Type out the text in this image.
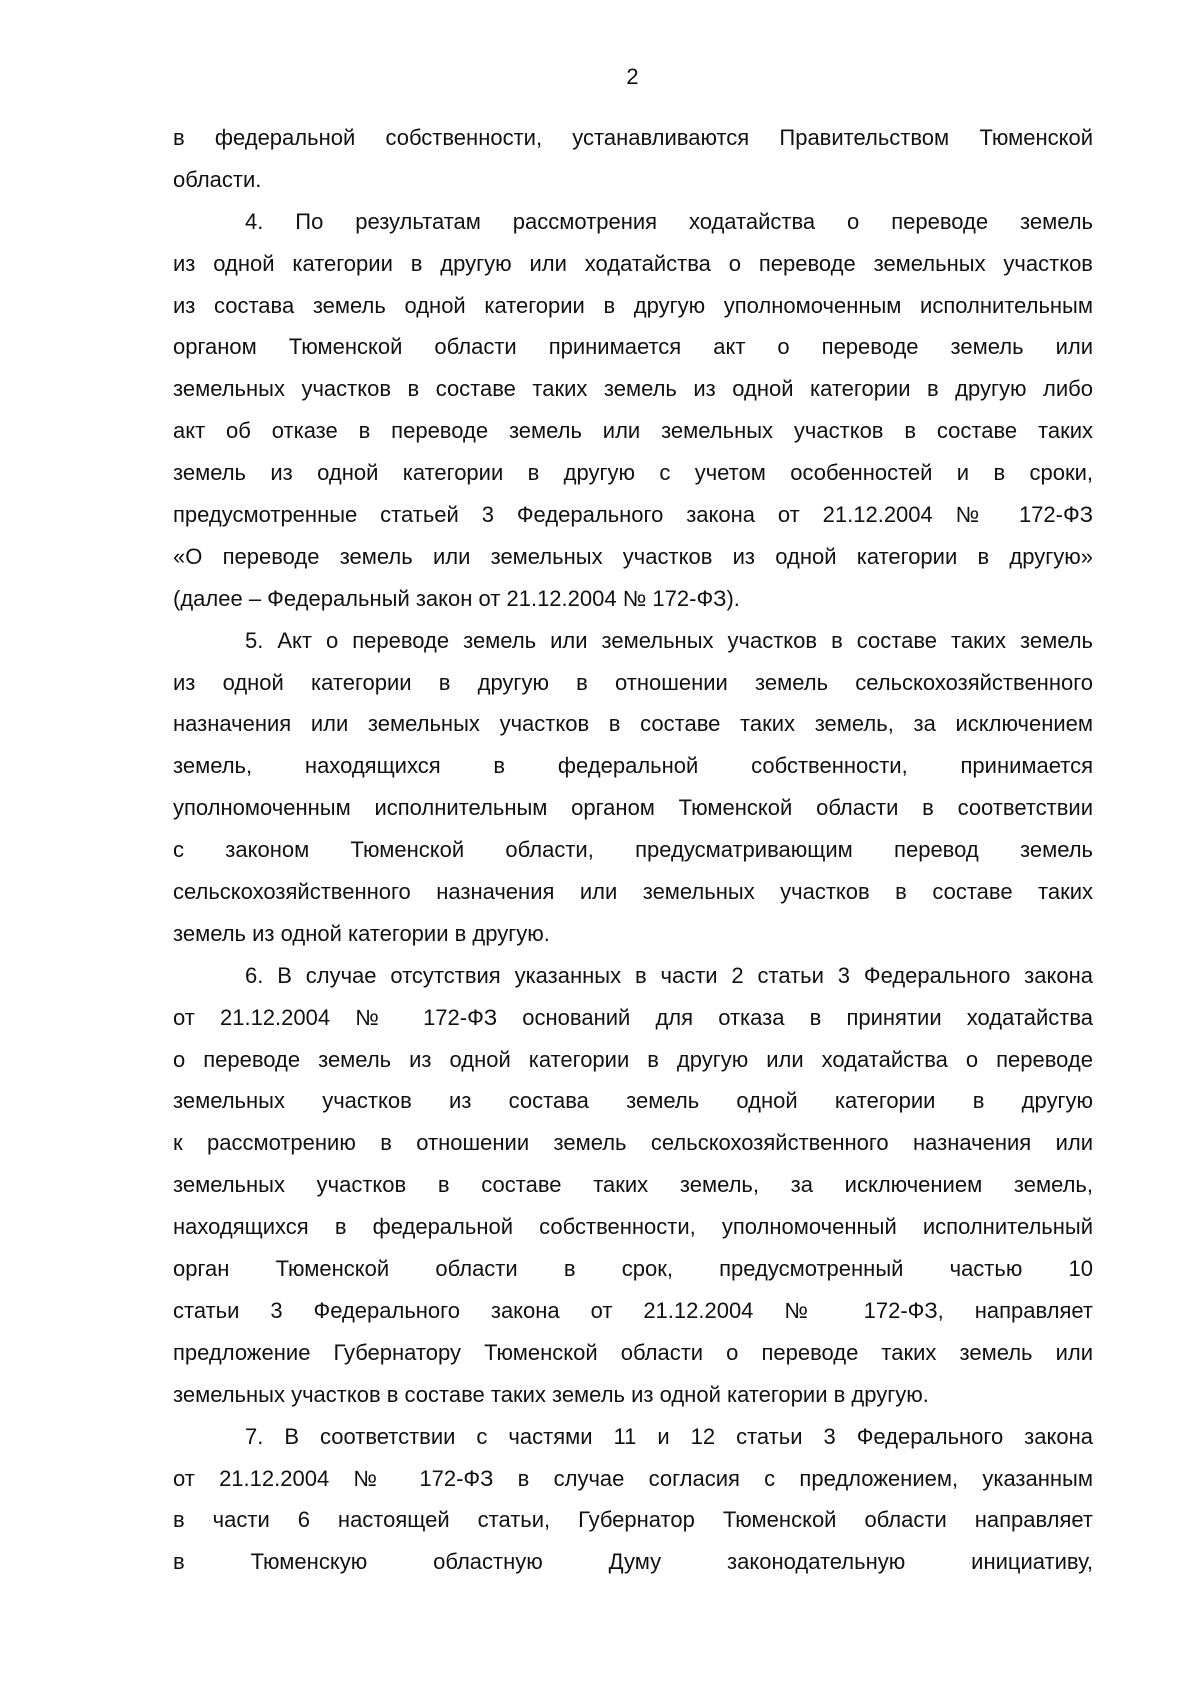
2
в федеральной собственности, устанавливаются Правительством Тюменской
области.
4. По результатам рассмотрения ходатайства о переводе земель
из одной категории в другую или ходатайства о переводе земельных участков
из состава земель одной категории в другую уполномоченным исполнительным
органом Тюменской области принимается акт о переводе земель или
земельных участков в составе таких земель из одной категории в другую либо
акт об отказе в переводе земель или земельных участков в составе таких
земель из одной категории в другую с учетом особенностей и в сроки,
предусмотренные статьей 3 Федерального закона от 21.12.2004 № 172-ФЗ
«О переводе земель или земельных участков из одной категории в другую»
(далее – Федеральный закон от 21.12.2004 № 172-ФЗ).
5. Акт о переводе земель или земельных участков в составе таких земель
из одной категории в другую в отношении земель сельскохозяйственного
назначения или земельных участков в составе таких земель, за исключением
земель, находящихся в федеральной собственности, принимается
уполномоченным исполнительным органом Тюменской области в соответствии
с законом Тюменской области, предусматривающим перевод земель
сельскохозяйственного назначения или земельных участков в составе таких
земель из одной категории в другую.
6. В случае отсутствия указанных в части 2 статьи 3 Федерального закона
от 21.12.2004 № 172-ФЗ оснований для отказа в принятии ходатайства
о переводе земель из одной категории в другую или ходатайства о переводе
земельных участков из состава земель одной категории в другую
к рассмотрению в отношении земель сельскохозяйственного назначения или
земельных участков в составе таких земель, за исключением земель,
находящихся в федеральной собственности, уполномоченный исполнительный
орган Тюменской области в срок, предусмотренный частью 10
статьи 3 Федерального закона от 21.12.2004 № 172-ФЗ, направляет
предложение Губернатору Тюменской области о переводе таких земель или
земельных участков в составе таких земель из одной категории в другую.
7. В соответствии с частями 11 и 12 статьи 3 Федерального закона
от 21.12.2004 № 172-ФЗ в случае согласия с предложением, указанным
в части 6 настоящей статьи, Губернатор Тюменской области направляет
в Тюменскую областную Думу законодательную инициативу,
